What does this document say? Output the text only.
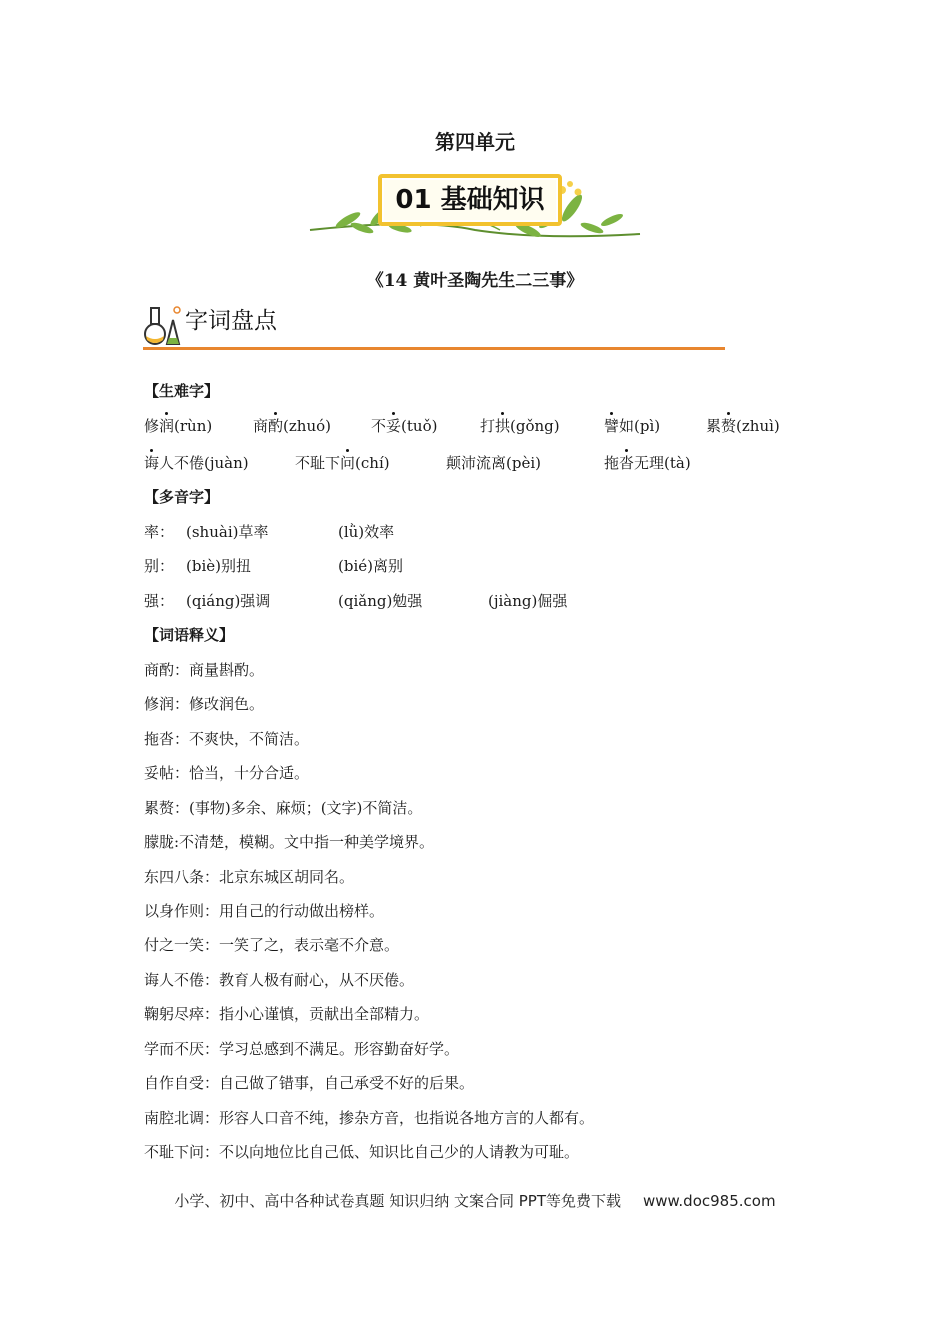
第四单元
01 基础知识
《14 黄叶圣陶先生二三事》
字词盘点
【生难字】
修润(rùn)	商酌(zhuó)	不妥(tuǒ)	打拱(gǒng)	譬如(pì)	累赘(zhuì)
诲人不倦(juàn)	不耻下问(chí)	颠沛流离(pèi)	拖沓无理(tà)
【多音字】
率： (shuài)草率	(lǜ)效率
别： (biè)别扭	(bié)离别
强： (qiáng)强调	(qiǎng)勉强	(jiàng)倔强
【词语释义】
商酌：商量斟酌。
修润：修改润色。
拖沓：不爽快，不简洁。
妥帖：恰当，十分合适。
累赘：(事物)多余、麻烦；(文字)不简洁。
朦胧:不清楚，模糊。文中指一种美学境界。
东四八条：北京东城区胡同名。
以身作则：用自己的行动做出榜样。
付之一笑：一笑了之，表示毫不介意。
诲人不倦：教育人极有耐心，从不厌倦。
鞠躬尽瘁：指小心谨慎，贡献出全部精力。
学而不厌：学习总感到不满足。形容勤奋好学。
自作自受：自己做了错事，自己承受不好的后果。
南腔北调：形容人口音不纯，掺杂方音，也指说各地方言的人都有。
不耻下问：不以向地位比自己低、知识比自己少的人请教为可耻。
小学、初中、高中各种试卷真题 知识归纳 文案合同 PPT等免费下载 www.doc985.com
